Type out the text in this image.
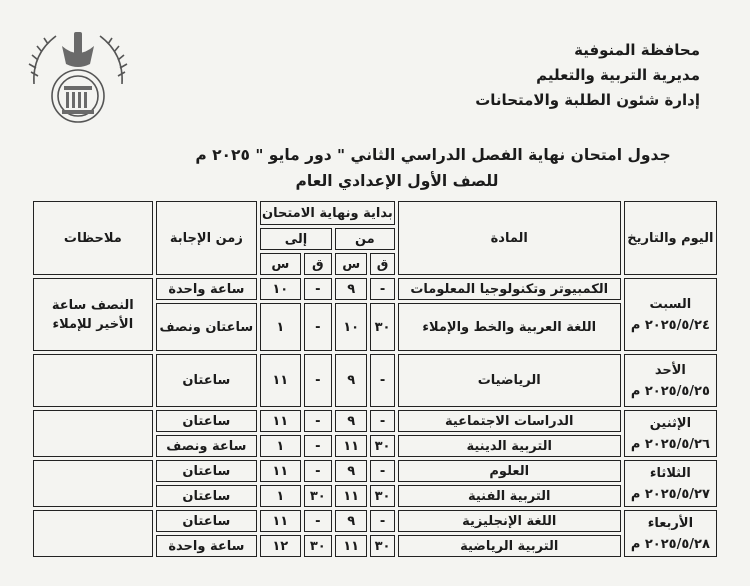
محافظة المنوفية
مديرية التربية والتعليم
إدارة شئون الطلبة والامتحانات
جدول امتحان نهاية الفصل الدراسي الثاني " دور مايو " ٢٠٢٥ م
للصف الأول الإعدادي العام
اليوم والتاريخ	المادة	بداية ونهاية الامتحان				زمن الإجابة	ملاحظات
		من		إلى			
		ق	س	ق	س		

السبت
٢٠٢٥/٥/٢٤ م	الكمبيوتر وتكنولوجيا المعلومات	-	٩	-	١٠	ساعة واحدة	النصف ساعة الأخير للإملاء
	اللغة العربية والخط والإملاء	٣٠	١٠	-	١	ساعتان ونصف	

الأحد
٢٠٢٥/٥/٢٥ م	الرياضيات	-	٩	-	١١	ساعتان	

الإثنين
٢٠٢٥/٥/٢٦ م	الدراسات الاجتماعية	-	٩	-	١١	ساعتان	
	التربية الدينية	٣٠	١١	-	١	ساعة ونصف	

الثلاثاء
٢٠٢٥/٥/٢٧ م	العلوم	-	٩	-	١١	ساعتان	
	التربية الفنية	٣٠	١١	٣٠	١	ساعتان	

الأربعاء
٢٠٢٥/٥/٢٨ م	اللغة الإنجليزية	-	٩	-	١١	ساعتان	
	التربية الرياضية	٣٠	١١	٣٠	١٢	ساعة واحدة	
